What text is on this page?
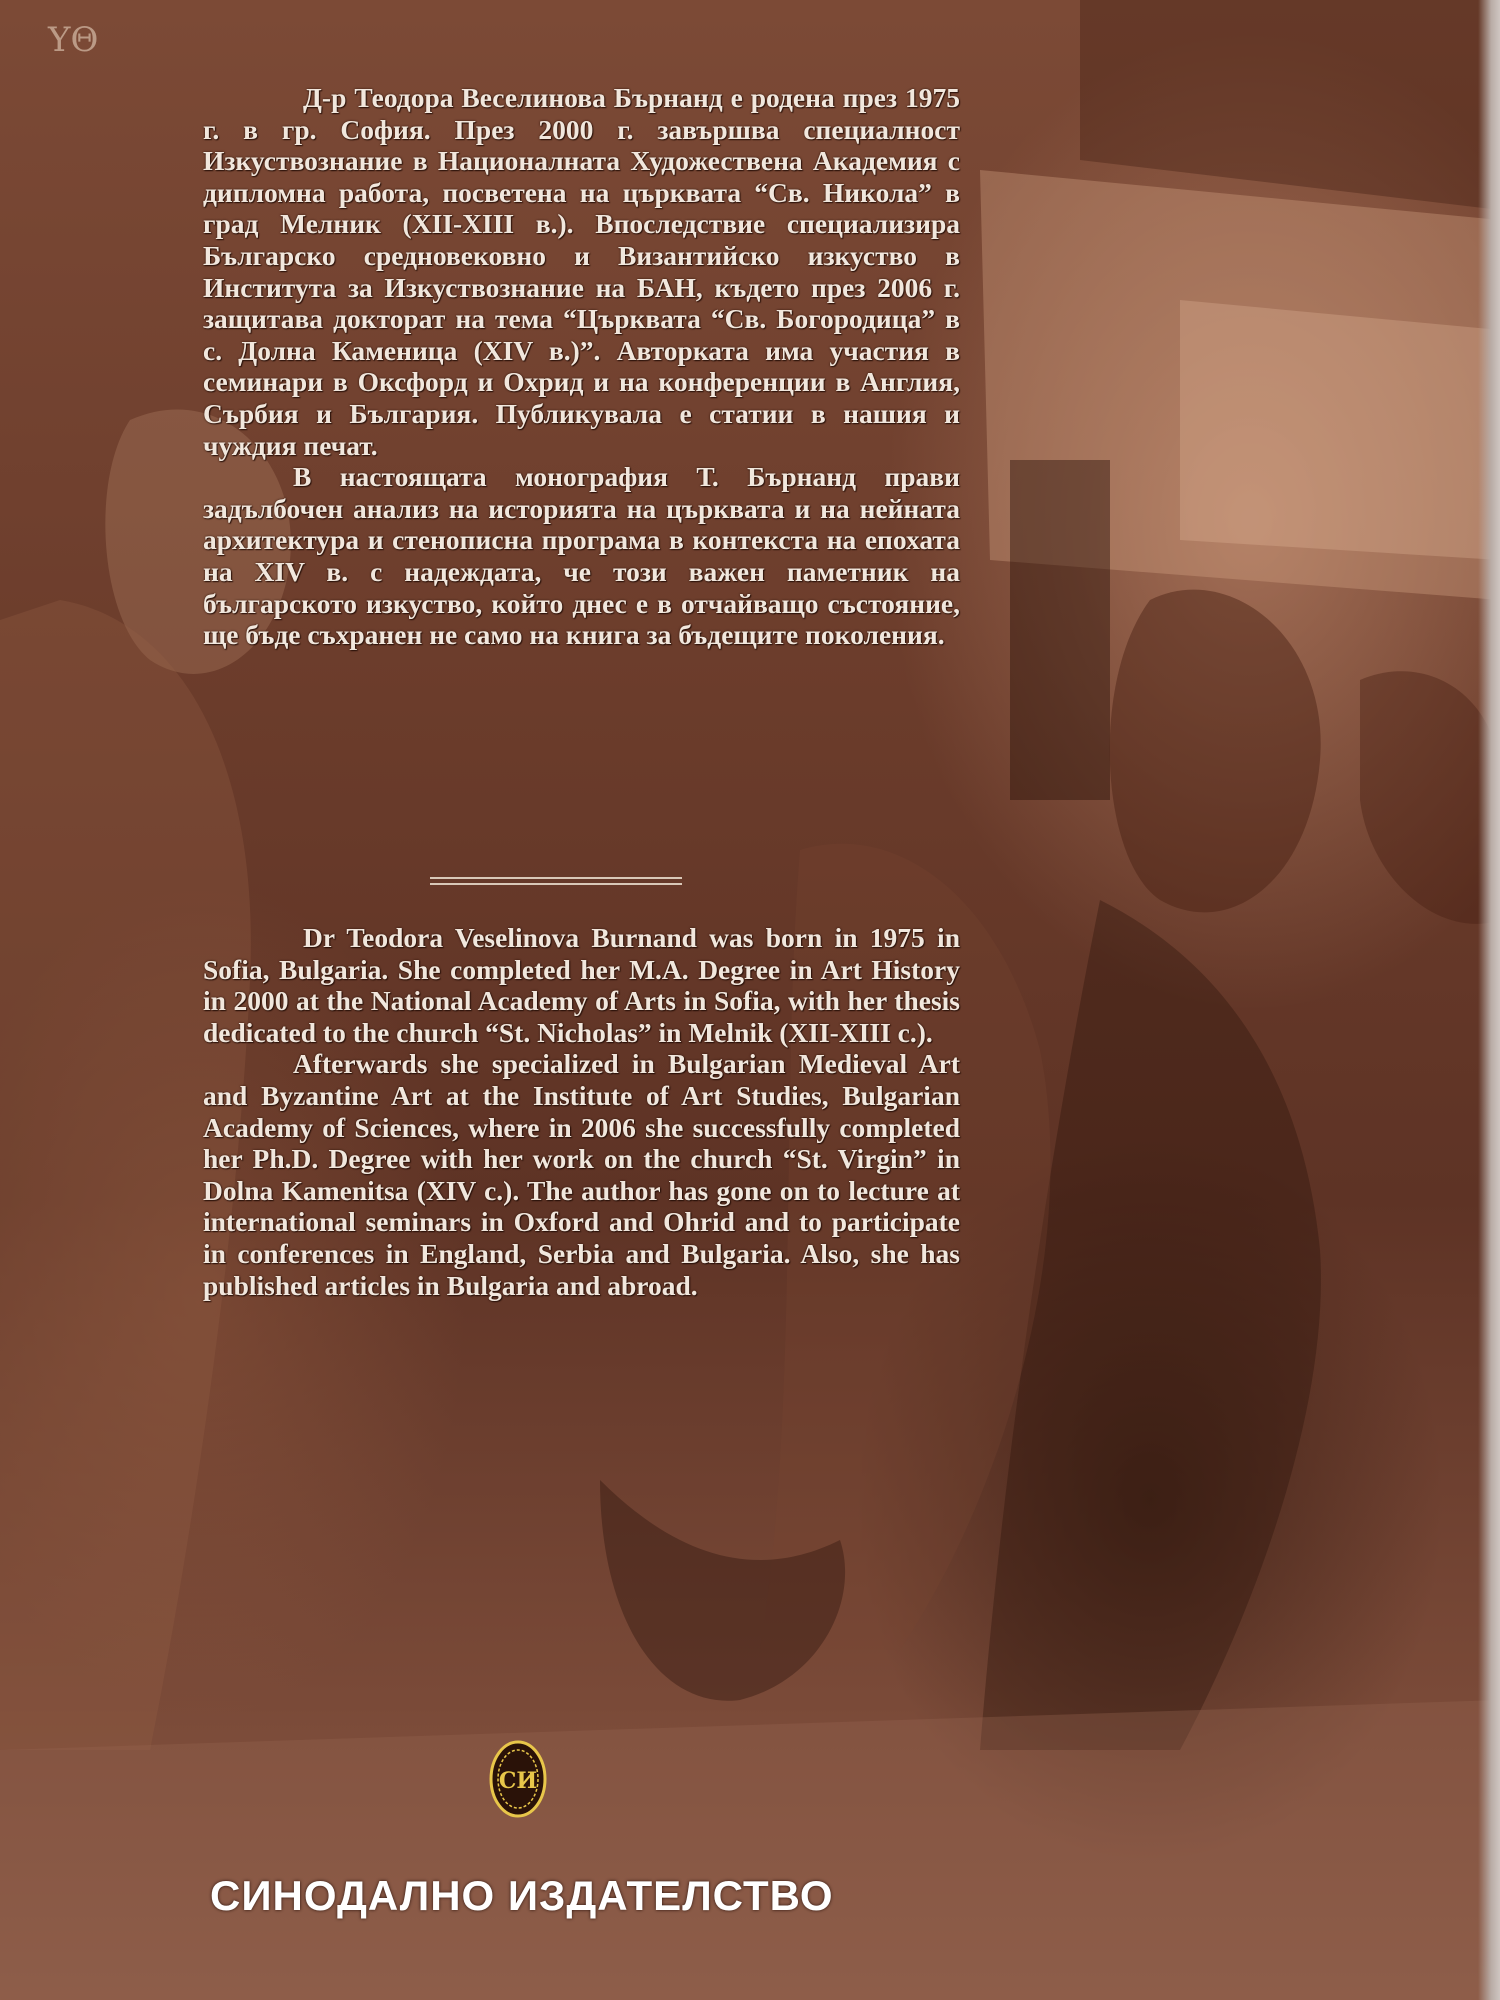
ΥΘ

Д-р Теодора Веселинова Бърнанд е родена през 1975 г. в гр. София. През 2000 г. завършва специалност Изкуствознание в Националната Художествена Академия с дипломна работа, посветена на църквата “Св. Никола” в град Мелник (XII-XIII в.). Впоследствие специализира Българско средновековно и Византийско изкуство в Института за Изкуствознание на БАН, където през 2006 г. защитава докторат на тема “Църквата “Св. Богородица” в с. Долна Каменица (XIV в.)”. Авторката има участия в семинари в Оксфорд и Охрид и на конференции в Англия, Сърбия и България. Публикувала е статии в нашия и чуждия печат.

В настоящата монография Т. Бърнанд прави задълбочен анализ на историята на църквата и на нейната архитектура и стенописна програма в контекста на епохата на XIV в. с надеждата, че този важен паметник на българското изкуство, който днес е в отчайващо състояние, ще бъде съхранен не само на книга за бъдещите поколения.

Dr Teodora Veselinova Burnand was born in 1975 in Sofia, Bulgaria. She completed her M.A. Degree in Art History in 2000 at the National Academy of Arts in Sofia, with her thesis dedicated to the church “St. Nicholas” in Melnik (XII-XIII c.).

Afterwards she specialized in Bulgarian Medieval Art and Byzantine Art at the Institute of Art Studies, Bulgarian Academy of Sciences, where in 2006 she successfully completed her Ph.D. Degree with her work on the church “St. Virgin” in Dolna Kamenitsa (XIV c.). The author has gone on to lecture at international seminars in Oxford and Ohrid and to participate in conferences in England, Serbia and Bulgaria. Also, she has published articles in Bulgaria and abroad.

СИ
СИНОДАЛНО ИЗДАТЕЛСТВО
